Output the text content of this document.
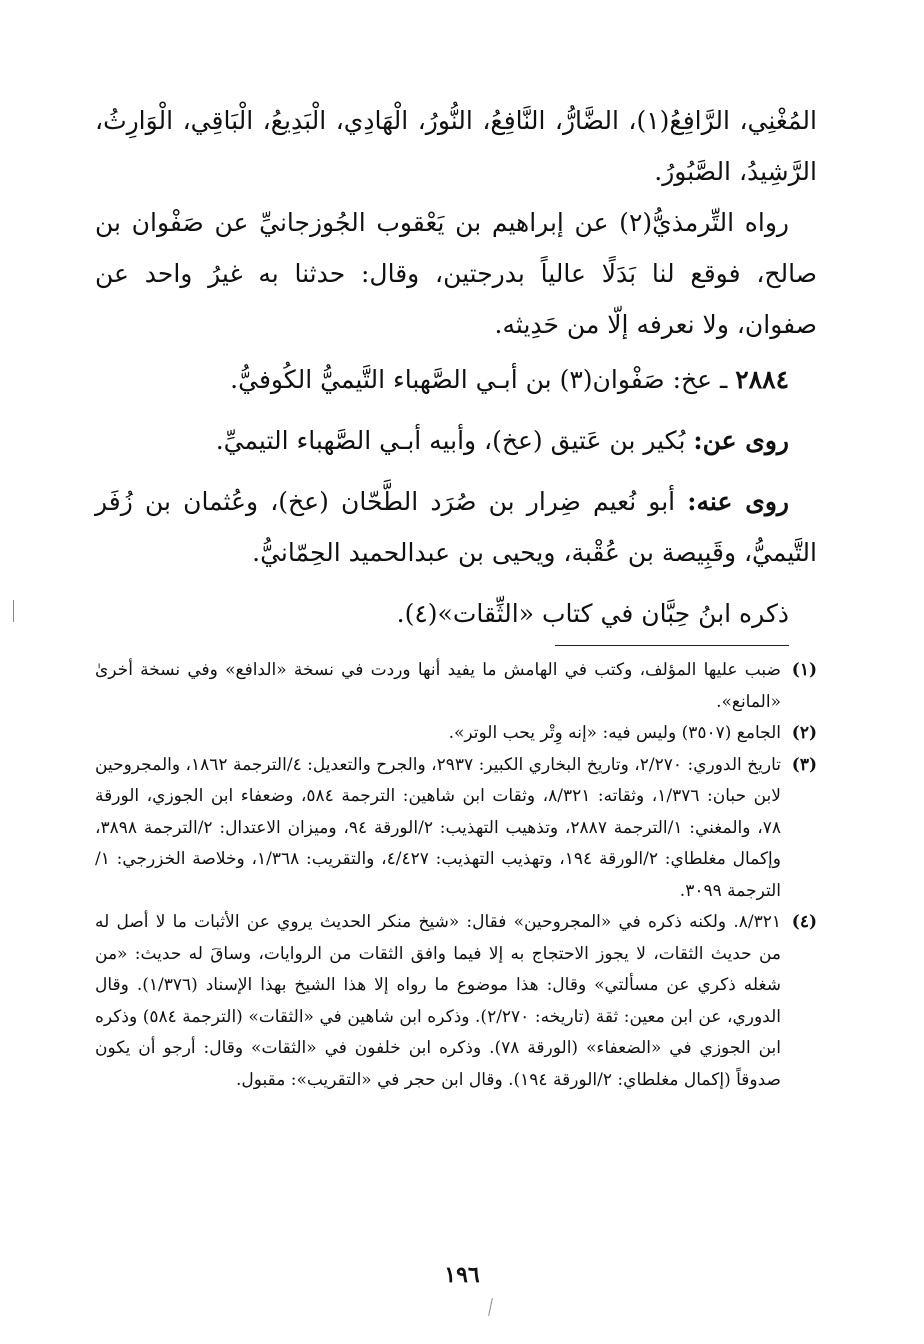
المُغْنِي، الرَّافِعُ(١)، الضَّارُّ، النَّافِعُ، النُّورُ، الْهَادِي، الْبَدِيعُ، الْبَاقِي، الْوَارِثُ، الرَّشِيدُ، الصَّبُورُ.

رواه التِّرمذيُّ(٢) عن إبراهيم بن يَعْقوب الجُوزجانيِّ عن صَفْوان بن صالح، فوقع لنا بَدَلًا عالياً بدرجتين، وقال: حدثنا به غيرُ واحد عن صفوان، ولا نعرفه إلّا من حَدِيثه.

٢٨٨٤ ـ عخ: صَفْوان(٣) بن أبـي الصَّهباء التَّيميُّ الكُوفيُّ.

روى عن: بُكير بن عَتيق (عخ)، وأبيه أبـي الصَّهباء التيميِّ.

روى عنه: أبو نُعيم ضِرار بن صُرَد الطَّحّان (عخ)، وعُثمان بن زُفَر التَّيميُّ، وقَبِيصة بن عُقْبة، ويحيى بن عبدالحميد الحِمّانيُّ.

ذكره ابنُ حِبَّان في كتاب «الثِّقات»(٤).

(١)
ضبب عليها المؤلف، وكتب في الهامش ما يفيد أنها وردت في نسخة «الدافع» وفي نسخة أخرىٰ «المانع».
(٢)
الجامع (٣٥٠٧) وليس فيه: «إنه وِتْر يحب الوتر».
(٣)
تاريخ الدوري: ٢/٢٧٠، وتاريخ البخاري الكبير: ٢٩٣٧، والجرح والتعديل: ٤/الترجمة ١٨٦٢، والمجروحين لابن حبان: ١/٣٧٦، وثقاته: ٨/٣٢١، وثقات ابن شاهين: الترجمة ٥٨٤، وضعفاء ابن الجوزي، الورقة ٧٨، والمغني: ١/الترجمة ٢٨٨٧، وتذهيب التهذيب: ٢/الورقة ٩٤، وميزان الاعتدال: ٢/الترجمة ٣٨٩٨، وإكمال مغلطاي: ٢/الورقة ١٩٤، وتهذيب التهذيب: ٤/٤٢٧، والتقريب: ١/٣٦٨، وخلاصة الخزرجي: ١/الترجمة ٣٠٩٩.
(٤)
٨/٣٢١. ولكنه ذكره في «المجروحين» فقال: «شيخ منكر الحديث يروي عن الأثبات ما لا أصل له من حديث الثقات، لا يجوز الاحتجاج به إلا فيما وافق الثقات من الروايات، وساقَ له حديث: «من شغله ذكري عن مسألتي» وقال: هذا موضوع ما رواه إلا هذا الشيخ بهذا الإسناد (١/٣٧٦). وقال الدوري، عن ابن معين: ثقة (تاريخه: ٢/٢٧٠). وذكره ابن شاهين في «الثقات» (الترجمة ٥٨٤) وذكره ابن الجوزي في «الضعفاء» (الورقة ٧٨). وذكره ابن خلفون في «الثقات» وقال: أرجو أن يكون صدوقاً (إكمال مغلطاي: ٢/الورقة ١٩٤). وقال ابن حجر في «التقريب»: مقبول.
١٩٦
